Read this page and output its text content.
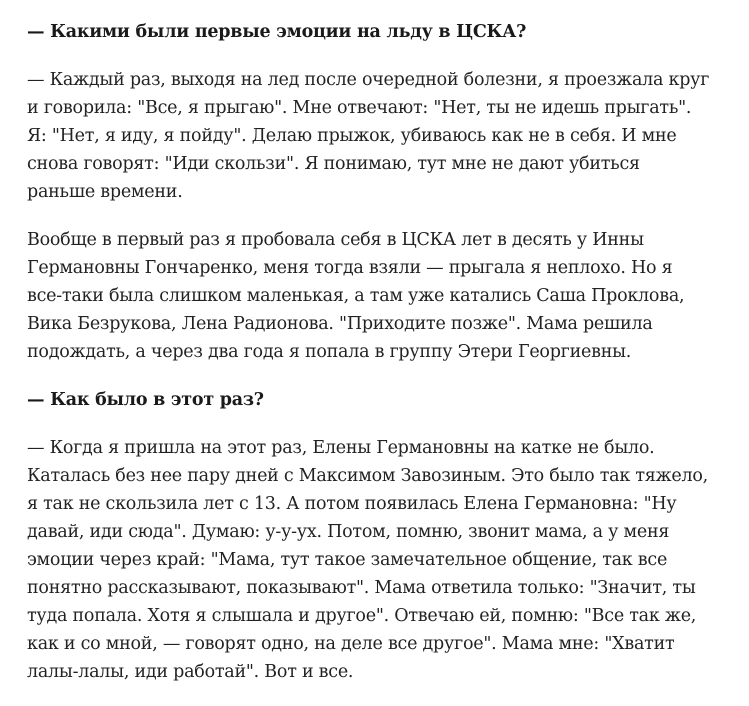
— Какими были первые эмоции на льду в ЦСКА?

— Каждый раз, выходя на лед после очередной болезни, я проезжала круг
и говорила: "Все, я прыгаю". Мне отвечают: "Нет, ты не идешь прыгать".
Я: "Нет, я иду, я пойду". Делаю прыжок, убиваюсь как не в себя. И мне
снова говорят: "Иди скользи". Я понимаю, тут мне не дают убиться
раньше времени.

Вообще в первый раз я пробовала себя в ЦСКА лет в десять у Инны
Германовны Гончаренко, меня тогда взяли — прыгала я неплохо. Но я
все-таки была слишком маленькая, а там уже катались Саша Проклова,
Вика Безрукова, Лена Радионова. "Приходите позже". Мама решила
подождать, а через два года я попала в группу Этери Георгиевны.

— Как было в этот раз?

— Когда я пришла на этот раз, Елены Германовны на катке не было.
Каталась без нее пару дней с Максимом Завозиным. Это было так тяжело,
я так не скользила лет с 13. А потом появилась Елена Германовна: "Ну
давай, иди сюда". Думаю: у-у-ух. Потом, помню, звонит мама, а у меня
эмоции через край: "Мама, тут такое замечательное общение, так все
понятно рассказывают, показывают". Мама ответила только: "Значит, ты
туда попала. Хотя я слышала и другое". Отвечаю ей, помню: "Все так же,
как и со мной, — говорят одно, на деле все другое". Мама мне: "Хватит
лалы-лалы, иди работай". Вот и все.
